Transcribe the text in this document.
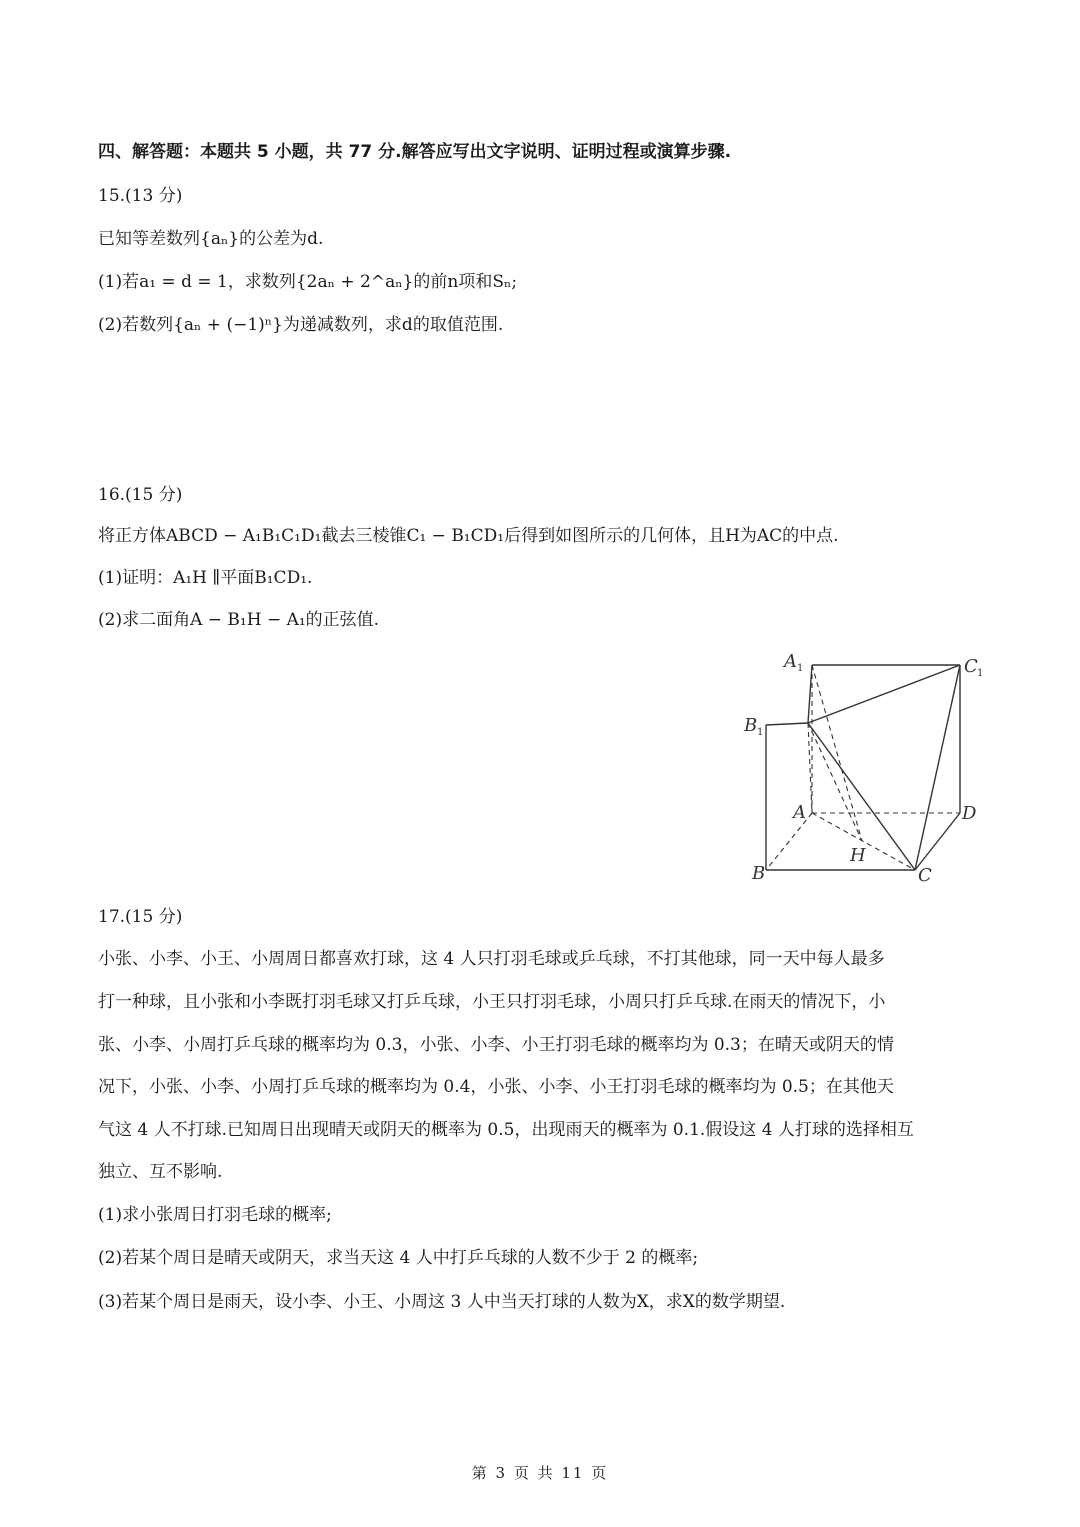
四、解答题：本题共 5 小题，共 77 分.解答应写出文字说明、证明过程或演算步骤.
15.(13 分)
已知等差数列{aₙ}的公差为d.
(1)若a₁ = d = 1，求数列{2aₙ + 2^aₙ}的前n项和Sₙ;
(2)若数列{aₙ + (−1)ⁿ}为递减数列，求d的取值范围.
16.(15 分)
将正方体ABCD − A₁B₁C₁D₁截去三棱锥C₁ − B₁CD₁后得到如图所示的几何体，且H为AC的中点.
(1)证明：A₁H ∥平面B₁CD₁.
(2)求二面角A − B₁H − A₁的正弦值.
A 1	C 1
B 1
A	D
H
B	C
17.(15 分)
小张、小李、小王、小周周日都喜欢打球，这 4 人只打羽毛球或乒乓球，不打其他球，同一天中每人最多
打一种球，且小张和小李既打羽毛球又打乒乓球，小王只打羽毛球，小周只打乒乓球.在雨天的情况下，小
张、小李、小周打乒乓球的概率均为 0.3，小张、小李、小王打羽毛球的概率均为 0.3；在晴天或阴天的情
况下，小张、小李、小周打乒乓球的概率均为 0.4，小张、小李、小王打羽毛球的概率均为 0.5；在其他天
气这 4 人不打球.已知周日出现晴天或阴天的概率为 0.5，出现雨天的概率为 0.1.假设这 4 人打球的选择相互
独立、互不影响.
(1)求小张周日打羽毛球的概率;
(2)若某个周日是晴天或阴天，求当天这 4 人中打乒乓球的人数不少于 2 的概率;
(3)若某个周日是雨天，设小李、小王、小周这 3 人中当天打球的人数为X，求X的数学期望.
第 3 页 共 11 页
